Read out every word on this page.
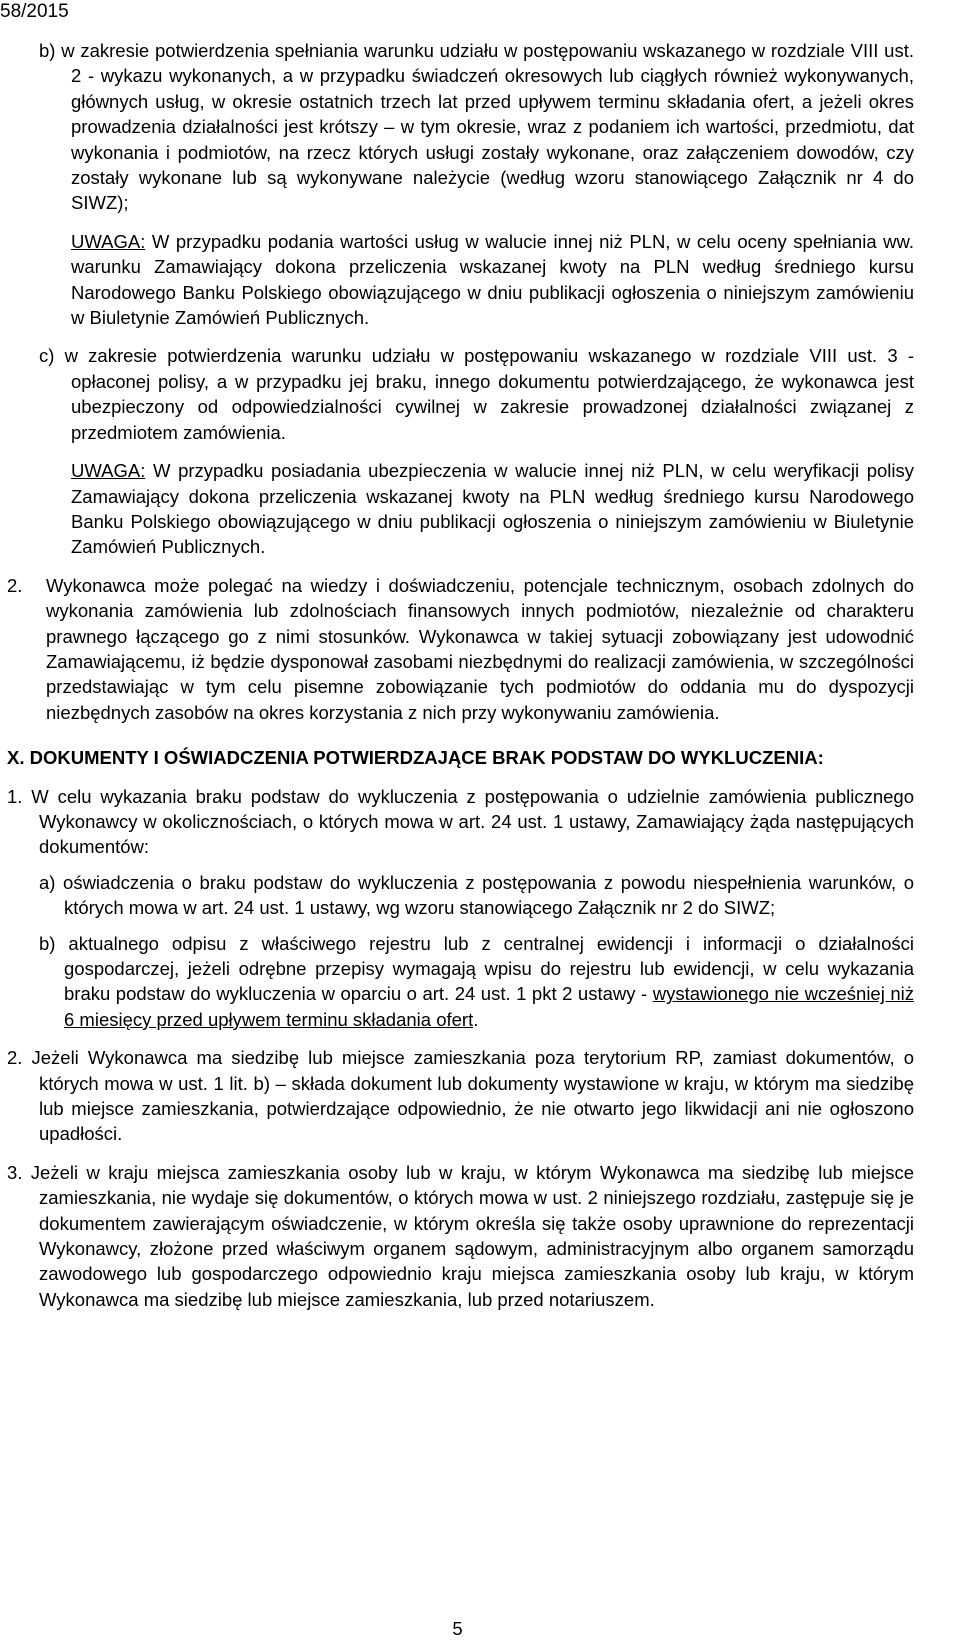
58/2015

b) w zakresie potwierdzenia spełniania warunku udziału w postępowaniu wskazanego w rozdziale VIII ust. 2 - wykazu wykonanych, a w przypadku świadczeń okresowych lub ciągłych również wykonywanych, głównych usług, w okresie ostatnich trzech lat przed upływem terminu składania ofert, a jeżeli okres prowadzenia działalności jest krótszy – w tym okresie, wraz z podaniem ich wartości, przedmiotu, dat wykonania i podmiotów, na rzecz których usługi zostały wykonane, oraz załączeniem dowodów, czy zostały wykonane lub są wykonywane należycie (według wzoru stanowiącego Załącznik nr 4 do SIWZ);

UWAGA: W przypadku podania wartości usług w walucie innej niż PLN, w celu oceny spełniania ww. warunku Zamawiający dokona przeliczenia wskazanej kwoty na PLN według średniego kursu Narodowego Banku Polskiego obowiązującego w dniu publikacji ogłoszenia o niniejszym zamówieniu w Biuletynie Zamówień Publicznych.

c) w zakresie potwierdzenia warunku udziału w postępowaniu wskazanego w rozdziale VIII ust. 3 - opłaconej polisy, a w przypadku jej braku, innego dokumentu potwierdzającego, że wykonawca jest ubezpieczony od odpowiedzialności cywilnej w zakresie prowadzonej działalności związanej z przedmiotem zamówienia.

UWAGA: W przypadku posiadania ubezpieczenia w walucie innej niż PLN, w celu weryfikacji polisy Zamawiający dokona przeliczenia wskazanej kwoty na PLN według średniego kursu Narodowego Banku Polskiego obowiązującego w dniu publikacji ogłoszenia o niniejszym zamówieniu w Biuletynie Zamówień Publicznych.

2. Wykonawca może polegać na wiedzy i doświadczeniu, potencjale technicznym, osobach zdolnych do wykonania zamówienia lub zdolnościach finansowych innych podmiotów, niezależnie od charakteru prawnego łączącego go z nimi stosunków. Wykonawca w takiej sytuacji zobowiązany jest udowodnić Zamawiającemu, iż będzie dysponował zasobami niezbędnymi do realizacji zamówienia, w szczególności przedstawiając w tym celu pisemne zobowiązanie tych podmiotów do oddania mu do dyspozycji niezbędnych zasobów na okres korzystania z nich przy wykonywaniu zamówienia.

X. DOKUMENTY I OŚWIADCZENIA POTWIERDZAJĄCE BRAK PODSTAW DO WYKLUCZENIA:

1. W celu wykazania braku podstaw do wykluczenia z postępowania o udzielnie zamówienia publicznego Wykonawcy w okolicznościach, o których mowa w art. 24 ust. 1 ustawy, Zamawiający żąda następujących dokumentów:

a) oświadczenia o braku podstaw do wykluczenia z postępowania z powodu niespełnienia warunków, o których mowa w art. 24 ust. 1 ustawy, wg wzoru stanowiącego Załącznik nr 2 do SIWZ;

b) aktualnego odpisu z właściwego rejestru lub z centralnej ewidencji i informacji o działalności gospodarczej, jeżeli odrębne przepisy wymagają wpisu do rejestru lub ewidencji, w celu wykazania braku podstaw do wykluczenia w oparciu o art. 24 ust. 1 pkt 2 ustawy - wystawionego nie wcześniej niż 6 miesięcy przed upływem terminu składania ofert.

2. Jeżeli Wykonawca ma siedzibę lub miejsce zamieszkania poza terytorium RP, zamiast dokumentów, o których mowa w ust. 1 lit. b) – składa dokument lub dokumenty wystawione w kraju, w którym ma siedzibę lub miejsce zamieszkania, potwierdzające odpowiednio, że nie otwarto jego likwidacji ani nie ogłoszono upadłości.

3. Jeżeli w kraju miejsca zamieszkania osoby lub w kraju, w którym Wykonawca ma siedzibę lub miejsce zamieszkania, nie wydaje się dokumentów, o których mowa w ust. 2 niniejszego rozdziału, zastępuje się je dokumentem zawierającym oświadczenie, w którym określa się także osoby uprawnione do reprezentacji Wykonawcy, złożone przed właściwym organem sądowym, administracyjnym albo organem samorządu zawodowego lub gospodarczego odpowiednio kraju miejsca zamieszkania osoby lub kraju, w którym Wykonawca ma siedzibę lub miejsce zamieszkania, lub przed notariuszem.

5
